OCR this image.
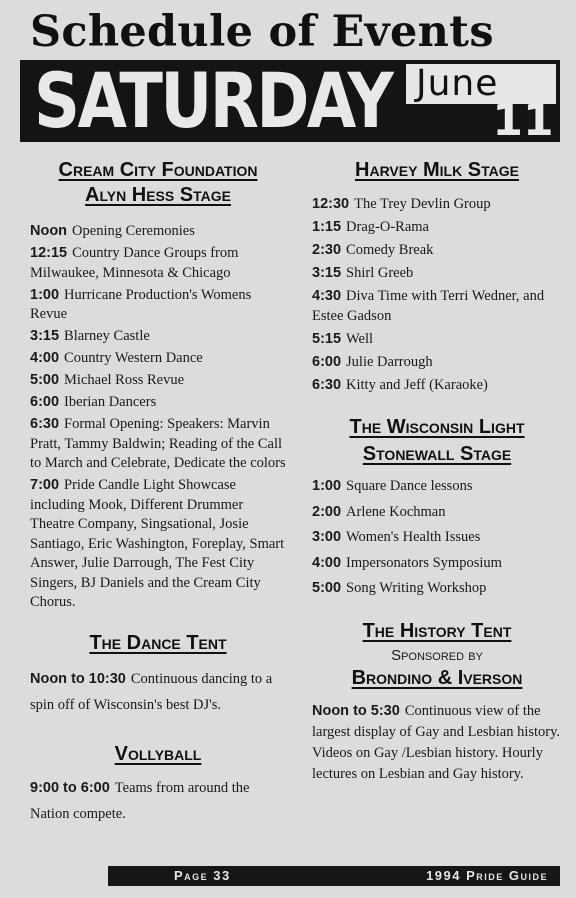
Schedule of Events
SATURDAY June
11
Cream City Foundation
Alyn Hess Stage

Noon Opening Ceremonies

12:15 Country Dance Groups from Milwaukee, Minnesota & Chicago

1:00 Hurricane Production's Womens Revue

3:15 Blarney Castle

4:00 Country Western Dance

5:00 Michael Ross Revue

6:00 Iberian Dancers

6:30 Formal Opening: Speakers: Marvin Pratt, Tammy Baldwin; Reading of the Call to March and Celebrate, Dedicate the colors

7:00 Pride Candle Light Showcase including Mook, Different Drummer Theatre Company, Singsational, Josie Santiago, Eric Washington, Foreplay, Smart Answer, Julie Darrough, The Fest City Singers, BJ Daniels and the Cream City Chorus.

The Dance Tent

Noon to 10:30 Continuous dancing to a spin off of Wisconsin's best DJ's.

Vollyball

9:00 to 6:00 Teams from around the Nation compete.

Harvey Milk Stage

12:30 The Trey Devlin Group

1:15 Drag-O-Rama

2:30 Comedy Break

3:15 Shirl Greeb

4:30 Diva Time with Terri Wedner, and Estee Gadson

5:15 Well

6:00 Julie Darrough

6:30 Kitty and Jeff (Karaoke)

The Wisconsin Light
Stonewall Stage

1:00 Square Dance lessons

2:00 Arlene Kochman

3:00 Women's Health Issues

4:00 Impersonators Symposium

5:00 Song Writing Workshop

The History Tent
Sponsored by
Brondino & Iverson

Noon to 5:30 Continuous view of the largest display of Gay and Lesbian history. Videos on Gay /Lesbian history. Hourly lectures on Lesbian and Gay history.

Page 33	1994 Pride Guide
